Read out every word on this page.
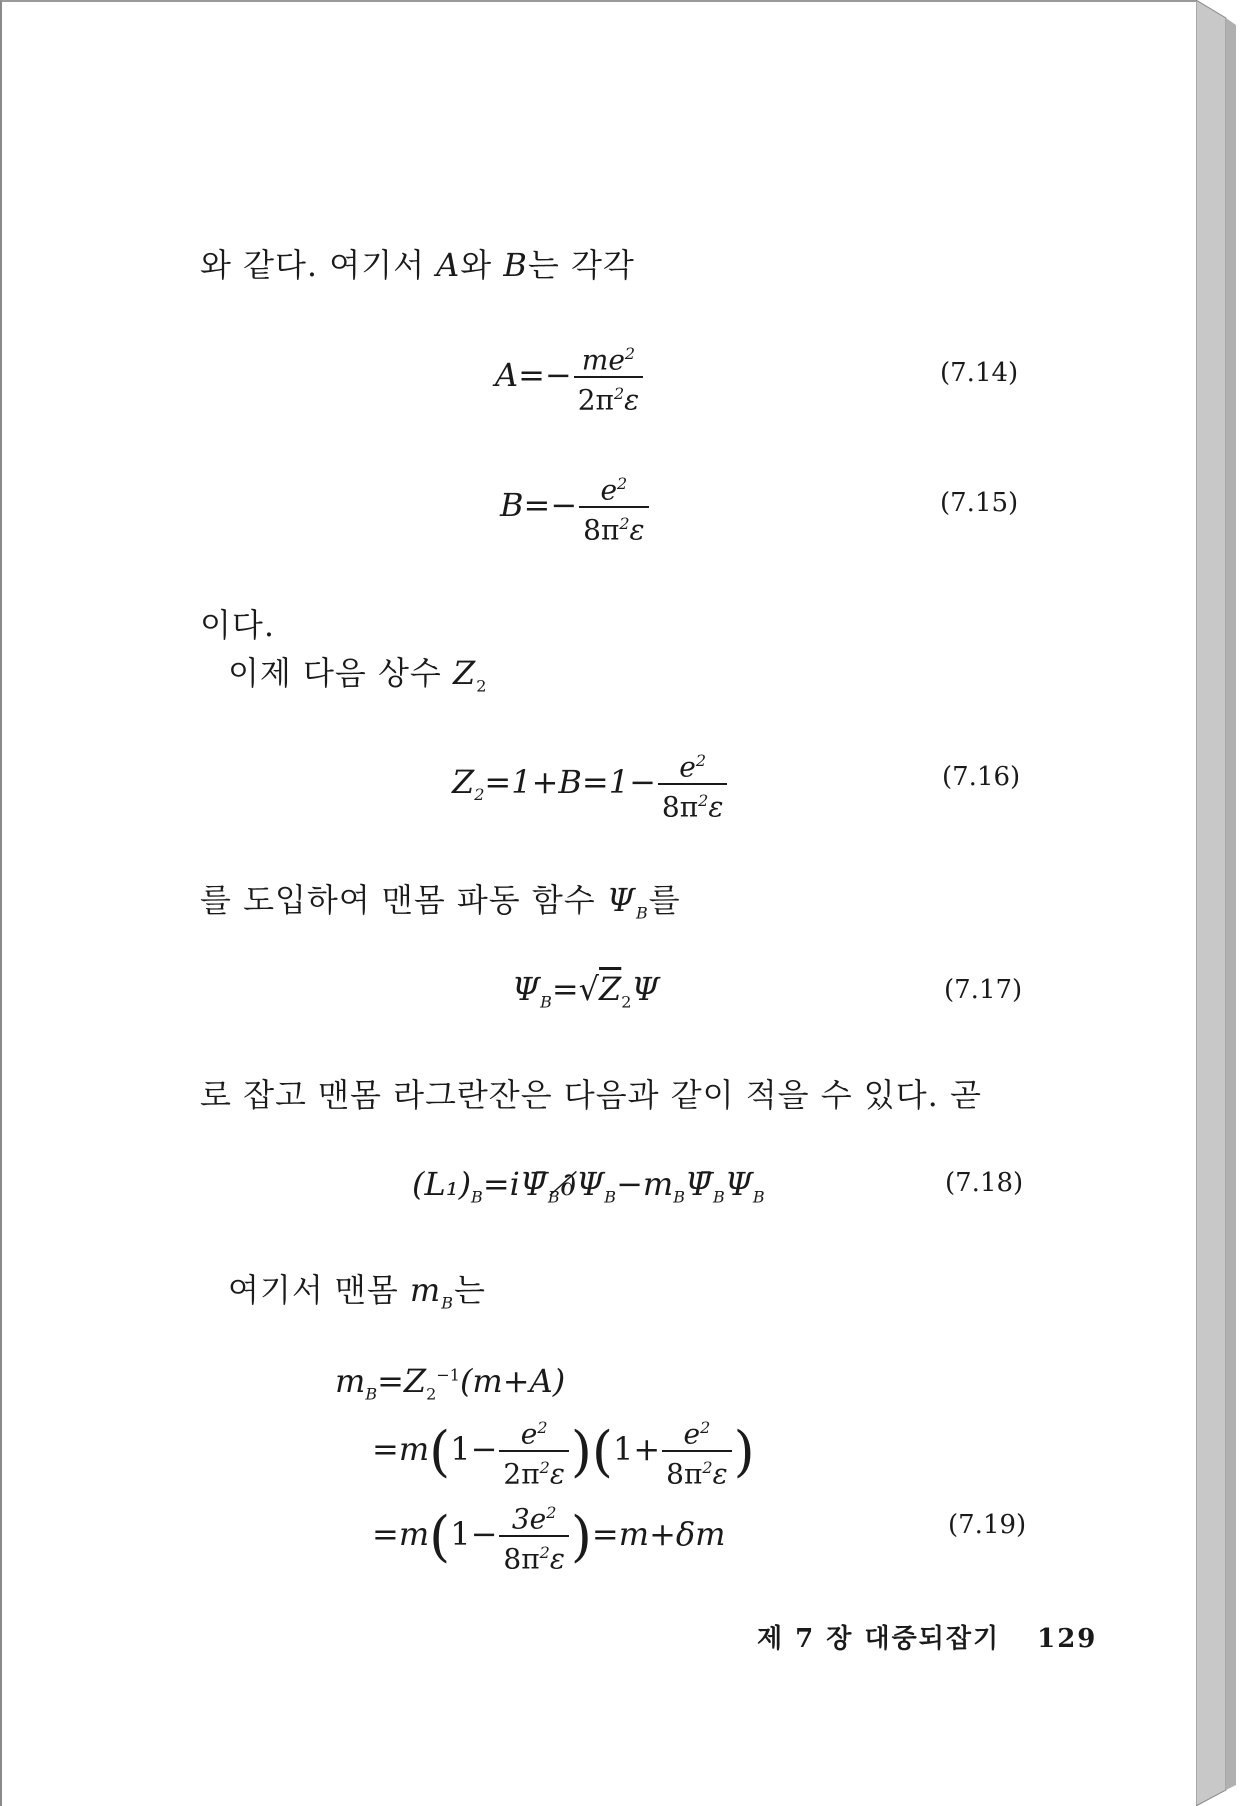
와 같다. 여기서 A와 B는 각각
$A=- \frac{me^2}{2\pi^2\varepsilon}$	(7.14)
$B=- \frac{e^2}{8\pi^2\varepsilon}$	(7.15)
이다.
이제 다음 상수 $Z_2$
$Z_2=1+B=1- \frac{e^2}{8\pi^2\varepsilon}$	(7.16)
를 도입하여 맨몸 파동 함수 $\Psi_B$를
$\Psi_B=√Z_2\Psi$	(7.17)
로 잡고 맨몸 라그란잔은 다음과 같이 적을 수 있다. 곧
$(L_1)_B=i\Psī_B\partial̸\Psi_B-m_B\Psī_B\Psi_B$	(7.18)
여기서 맨몸 $m_B$는
$m_B=Z_2^{-1}(m+A)$
$=m(1- \frac{e^2}{2\pi^2\varepsilon} )(1+ \frac{e^2}{8\pi^2\varepsilon}$ )
$=m(1- \frac{3e^2}{8\pi^2\varepsilon} )=m+\delta m$	(7.19)
제 7 장 대중되잡기 129
